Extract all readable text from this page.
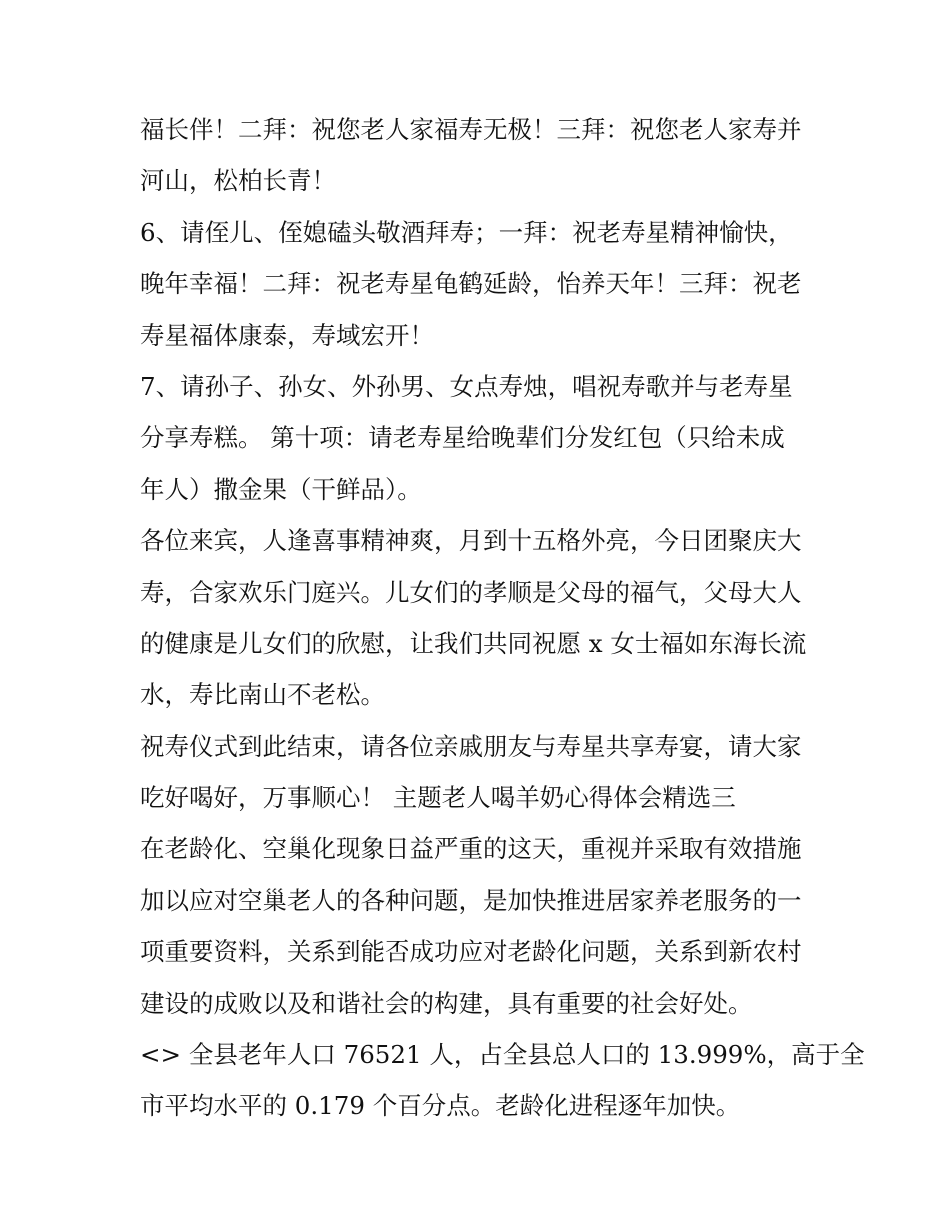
福长伴！二拜：祝您老人家福寿无极！三拜：祝您老人家寿并
河山，松柏长青！

6、请侄儿、侄媳磕头敬酒拜寿；一拜：祝老寿星精神愉快，
晚年幸福！二拜：祝老寿星龟鹤延龄，怡养天年！三拜：祝老
寿星福体康泰，寿域宏开！

7、请孙子、孙女、外孙男、女点寿烛，唱祝寿歌并与老寿星
分享寿糕。 第十项：请老寿星给晚辈们分发红包（只给未成
年人）撒金果（干鲜品）。

各位来宾，人逢喜事精神爽，月到十五格外亮，今日团聚庆大
寿，合家欢乐门庭兴。儿女们的孝顺是父母的福气，父母大人
的健康是儿女们的欣慰，让我们共同祝愿 x 女士福如东海长流
水，寿比南山不老松。

祝寿仪式到此结束，请各位亲戚朋友与寿星共享寿宴，请大家
吃好喝好，万事顺心！ 主题老人喝羊奶心得体会精选三

在老龄化、空巢化现象日益严重的这天，重视并采取有效措施
加以应对空巢老人的各种问题，是加快推进居家养老服务的一
项重要资料，关系到能否成功应对老龄化问题，关系到新农村
建设的成败以及和谐社会的构建，具有重要的社会好处。

<> 全县老年人口 76521 人，占全县总人口的 13.999%，高于全
市平均水平的 0.179 个百分点。老龄化进程逐年加快。
